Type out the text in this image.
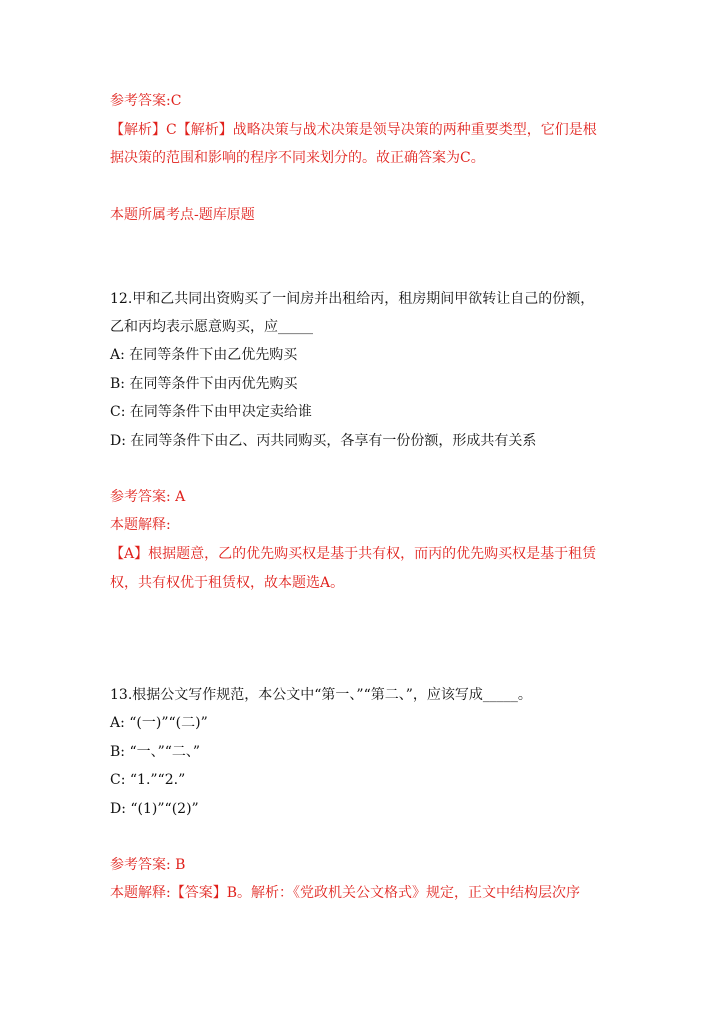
参考答案:C
【解析】C【解析】战略决策与战术决策是领导决策的两种重要类型，它们是根
据决策的范围和影响的程序不同来划分的。故正确答案为C。
本题所属考点-题库原题
12.甲和乙共同出资购买了一间房并出租给丙，租房期间甲欲转让自己的份额，
乙和丙均表示愿意购买，应_____
A: 在同等条件下由乙优先购买
B: 在同等条件下由丙优先购买
C: 在同等条件下由甲决定卖给谁
D: 在同等条件下由乙、丙共同购买，各享有一份份额，形成共有关系
参考答案: A
本题解释:
【A】根据题意，乙的优先购买权是基于共有权，而丙的优先购买权是基于租赁
权，共有权优于租赁权，故本题选A。
13.根据公文写作规范，本公文中“第一、”“第二、”，应该写成_____。
A: “(一)”“(二)”
B: “一、”“二、”
C: “1.”“2.”
D: “(1)”“(2)”
参考答案: B
本题解释:【答案】B。解析：《党政机关公文格式》规定，正文中结构层次序
